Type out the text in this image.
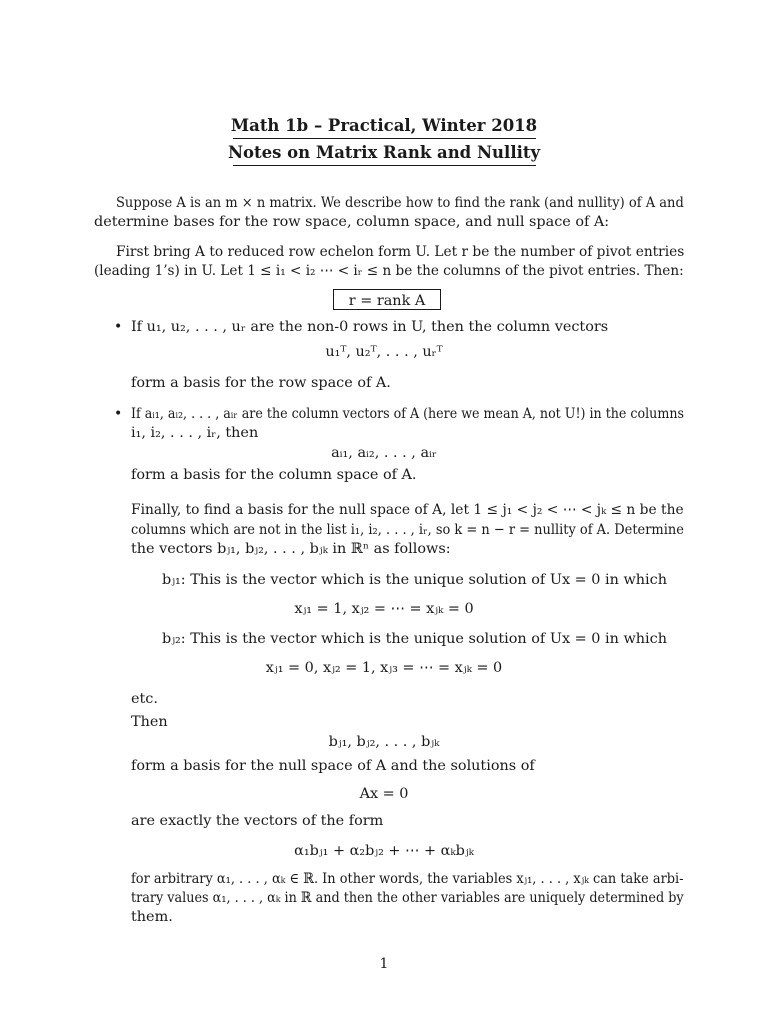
Math 1b – Practical, Winter 2018
Notes on Matrix Rank and Nullity
Suppose A is an m × n matrix. We describe how to find the rank (and nullity) of A and
determine bases for the row space, column space, and null space of A:
First bring A to reduced row echelon form U. Let r be the number of pivot entries
(leading 1’s) in U. Let 1 ≤ i₁ < i₂ ⋯ < iᵣ ≤ n be the columns of the pivot entries. Then:
r = rank A
• If u₁, u₂, . . . , uᵣ are the non-0 rows in U, then the column vectors
u₁ᵀ, u₂ᵀ, . . . , uᵣᵀ
form a basis for the row space of A.
• If aᵢ₁, aᵢ₂, . . . , aᵢᵣ are the column vectors of A (here we mean A, not U!) in the columns
i₁, i₂, . . . , iᵣ, then
aᵢ₁, aᵢ₂, . . . , aᵢᵣ
form a basis for the column space of A.
Finally, to find a basis for the null space of A, let 1 ≤ j₁ < j₂ < ⋯ < jₖ ≤ n be the
columns which are not in the list i₁, i₂, . . . , iᵣ, so k = n − r = nullity of A. Determine
the vectors bⱼ₁, bⱼ₂, . . . , bⱼₖ in ℝⁿ as follows:
bⱼ₁: This is the vector which is the unique solution of Ux = 0 in which
xⱼ₁ = 1, xⱼ₂ = ⋯ = xⱼₖ = 0
bⱼ₂: This is the vector which is the unique solution of Ux = 0 in which
xⱼ₁ = 0, xⱼ₂ = 1, xⱼ₃ = ⋯ = xⱼₖ = 0
etc.
Then
bⱼ₁, bⱼ₂, . . . , bⱼₖ
form a basis for the null space of A and the solutions of
Ax = 0
are exactly the vectors of the form
α₁bⱼ₁ + α₂bⱼ₂ + ⋯ + αₖbⱼₖ
for arbitrary α₁, . . . , αₖ ∈ ℝ. In other words, the variables xⱼ₁, . . . , xⱼₖ can take arbi-
trary values α₁, . . . , αₖ in ℝ and then the other variables are uniquely determined by
them.
1
